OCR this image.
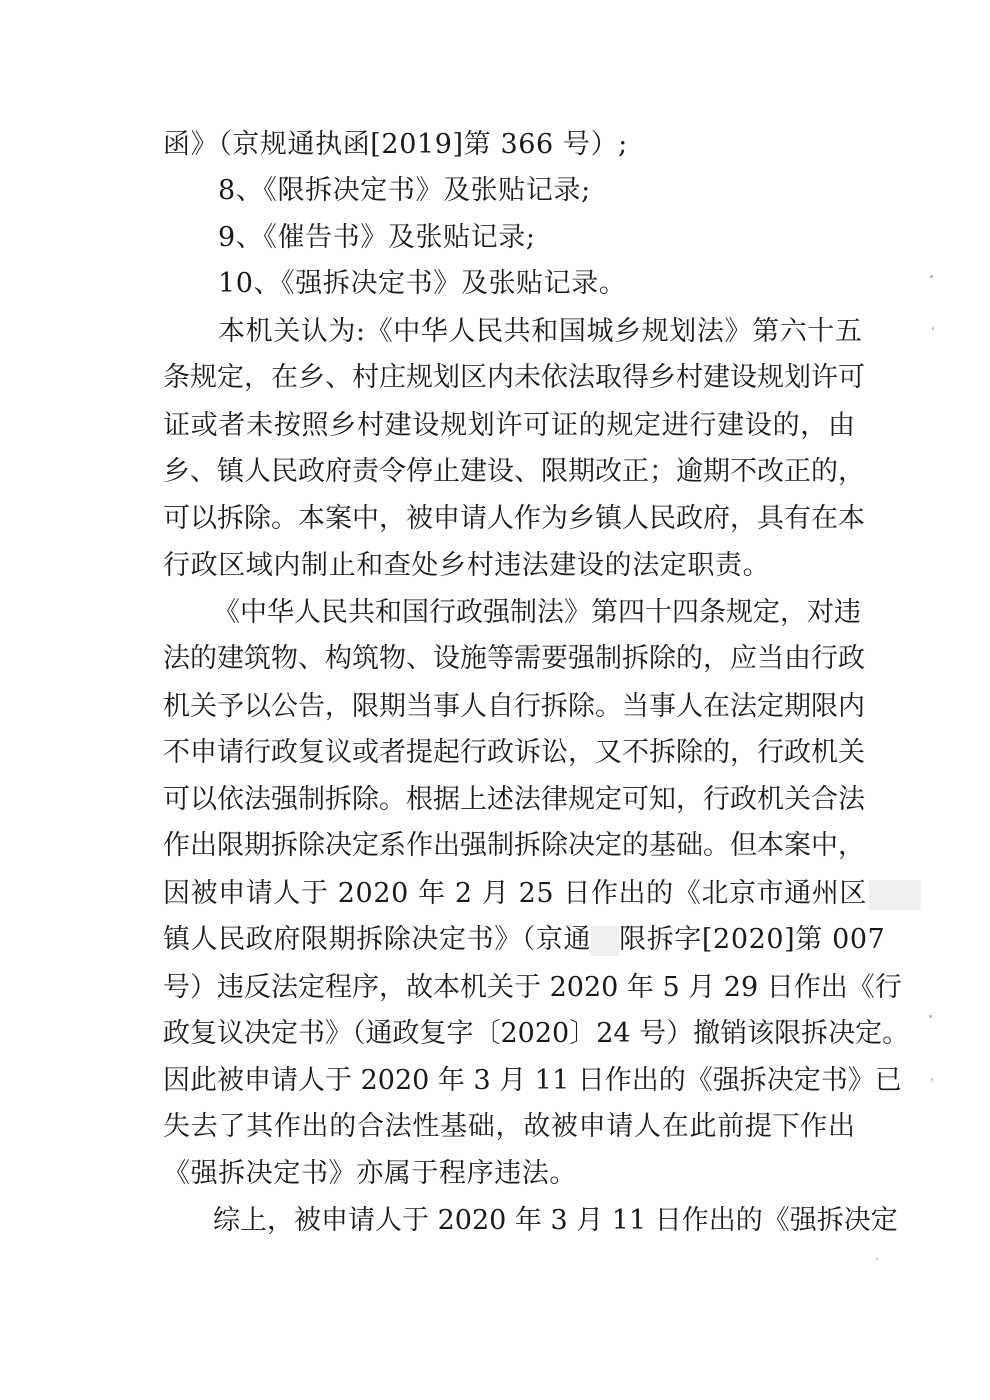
函》（京规通执函[2019]第 366 号）;
8、《限拆决定书》及张贴记录;
9、《催告书》及张贴记录;
10、《强拆决定书》及张贴记录。
本机关认为:《中华人民共和国城乡规划法》第六十五
条规定，在乡、村庄规划区内未依法取得乡村建设规划许可
证或者未按照乡村建设规划许可证的规定进行建设的，由
乡、镇人民政府责令停止建设、限期改正；逾期不改正的，
可以拆除。本案中，被申请人作为乡镇人民政府，具有在本
行政区域内制止和查处乡村违法建设的法定职责。
《中华人民共和国行政强制法》第四十四条规定，对违
法的建筑物、构筑物、设施等需要强制拆除的，应当由行政
机关予以公告，限期当事人自行拆除。当事人在法定期限内
不申请行政复议或者提起行政诉讼，又不拆除的，行政机关
可以依法强制拆除。根据上述法律规定可知，行政机关合法
作出限期拆除决定系作出强制拆除决定的基础。但本案中，
因被申请人于 2020 年 2 月 25 日作出的《北京市通州区
镇人民政府限期拆除决定书》（京通 限拆字[2020]第 007
号）违反法定程序，故本机关于 2020 年 5 月 29 日作出《行
政复议决定书》（通政复字〔2020〕24 号）撤销该限拆决定。
因此被申请人于 2020 年 3 月 11 日作出的《强拆决定书》已
失去了其作出的合法性基础，故被申请人在此前提下作出
《强拆决定书》亦属于程序违法。
综上，被申请人于 2020 年 3 月 11 日作出的《强拆决定
